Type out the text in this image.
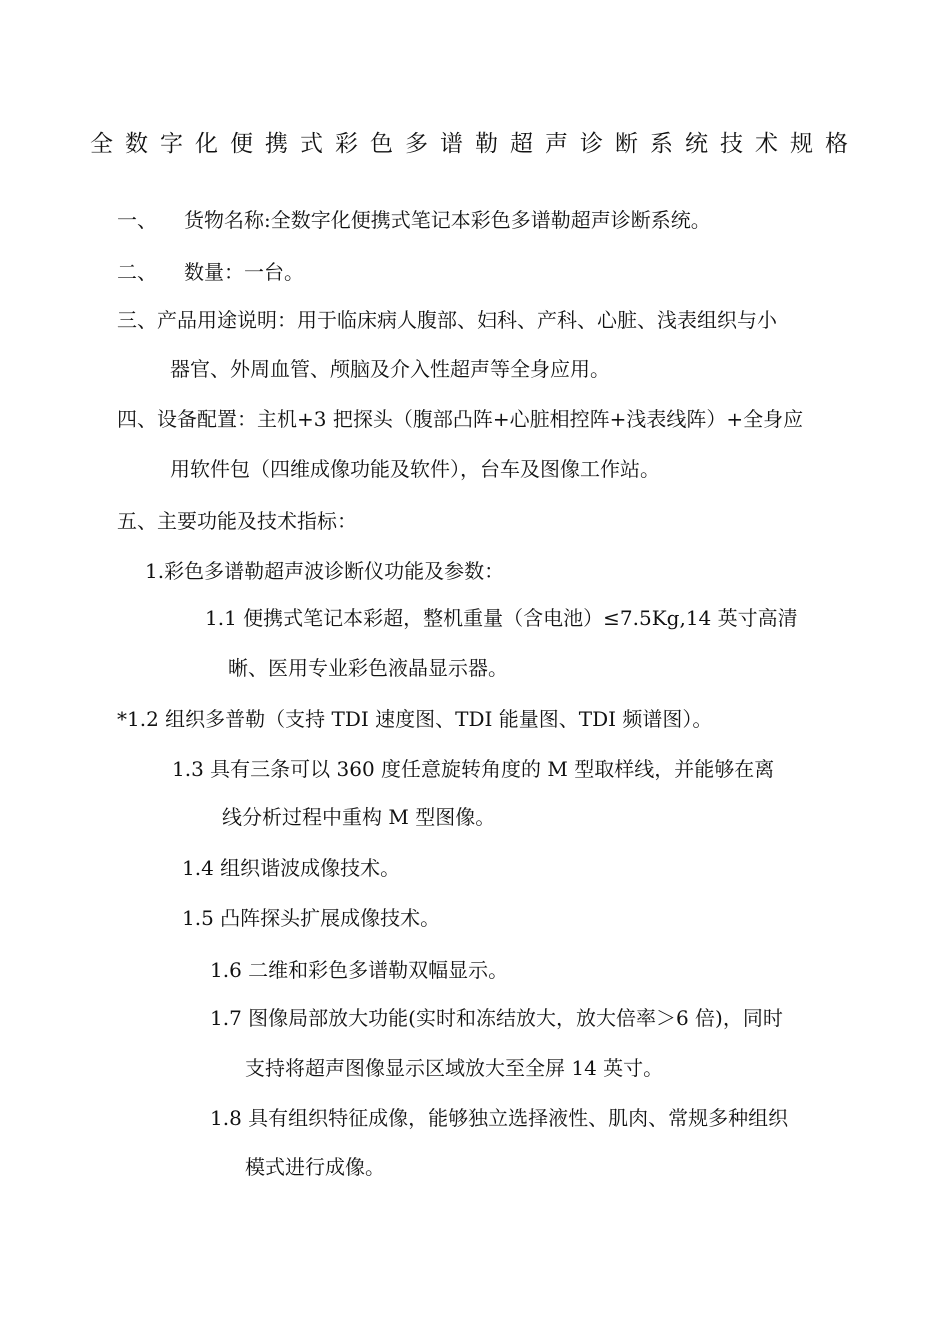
全数字化便携式彩色多谱勒超声诊断系统技术规格
一、 货物名称:全数字化便携式笔记本彩色多谱勒超声诊断系统。
二、 数量：一台。
三、产品用途说明：用于临床病人腹部、妇科、产科、心脏、浅表组织与小
器官、外周血管、颅脑及介入性超声等全身应用。
四、设备配置：主机+3 把探头（腹部凸阵+心脏相控阵+浅表线阵）+全身应
用软件包（四维成像功能及软件），台车及图像工作站。
五、主要功能及技术指标：
1.彩色多谱勒超声波诊断仪功能及参数：
1.1 便携式笔记本彩超，整机重量（含电池）≤7.5Kg,14 英寸高清
晰、医用专业彩色液晶显示器。
*1.2 组织多普勒（支持 TDI 速度图、TDI 能量图、TDI 频谱图）。
1.3 具有三条可以 360 度任意旋转角度的 M 型取样线，并能够在离
线分析过程中重构 M 型图像。
1.4 组织谐波成像技术。
1.5 凸阵探头扩展成像技术。
1.6 二维和彩色多谱勒双幅显示。
1.7 图像局部放大功能(实时和冻结放大，放大倍率＞6 倍)，同时
支持将超声图像显示区域放大至全屏 14 英寸。
1.8 具有组织特征成像，能够独立选择液性、肌肉、常规多种组织
模式进行成像。
